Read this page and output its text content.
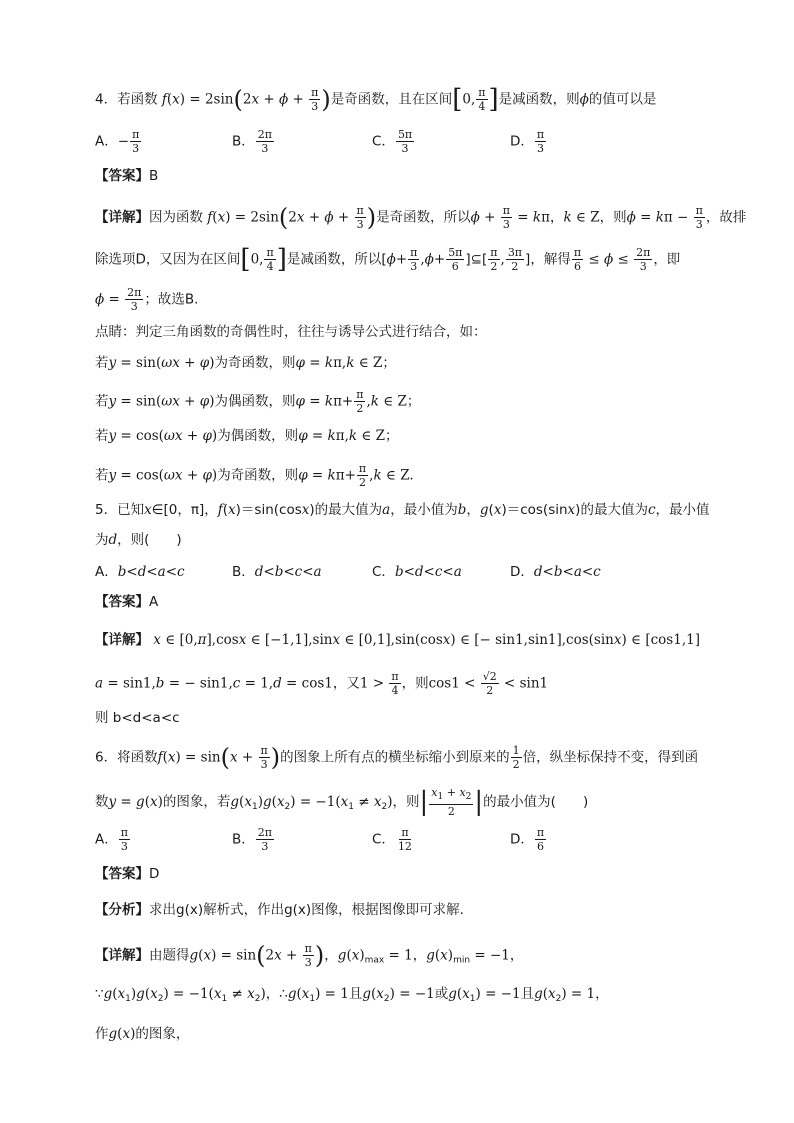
4．若函数 $f(x) = 2\sin(2x + \phi + \frac{\pi}{3}$ )是奇函数，且在区间[0, $\frac{\pi}{4}$ ]是减函数，则ϕ的值可以是
A．− $\frac{\pi}{3}$	B． $\frac{2\pi}{3}$	C． $\frac{5\pi}{3}$	D． $\frac{\pi}{3}$
【答案】B
【详解】因为函数 $f(x) = 2\sin(2x + \phi + \frac{\pi}{3}$ )是奇函数，所以$\phi + \frac{\pi}{3} = k\pi$，k ∈ Z，则$\phi = k\pi - \frac{\pi}{3}$ ，故排
除选项D，又因为在区间[0, $\frac{\pi}{4}$ ]是减函数，所以[$\phi+ \frac{\pi}{3} ,\phi+ \frac{5\pi}{6}$ ]⊆[ $\frac{\pi}{2}$ , $\frac{3\pi}{2}$ ]，解得 $\frac{\pi}{6} \le \phi \le \frac{2\pi}{3}$ ，即
$\phi = \frac{2\pi}{3}$ ；故选B.
点睛：判定三角函数的奇偶性时，往往与诱导公式进行结合，如：
若y = sin(ωx + φ)为奇函数，则φ = kπ,k ∈ Z；
若y = sin(ωx + φ)为偶函数，则$\varphi = k\pi+ \frac{\pi}{2} ,k$ ∈ Z；
若y = cos(ωx + φ)为偶函数，则φ = kπ,k ∈ Z；
若y = cos(ωx + φ)为奇函数，则$\varphi = k\pi+ \frac{\pi}{2} ,k$ ∈ Z.
5．已知x∈[0，π]，f(x)＝sin(cosx)的最大值为a，最小值为b，g(x)＝cos(sinx)的最大值为c，最小值
为d，则(　　)
A．b<d<a<c	B．d<b<c<a	C．b<d<c<a	D．d<b<a<c
【答案】A
【详解】 x ∈ [0,π],cosx ∈ [−1,1],sinx ∈ [0,1],sin(cosx) ∈ [− sin1,sin1],cos(sinx) ∈ [cos1,1]
a = sin1,b = − sin1,c = 1,d = cos1，又$1 > \frac{\pi}{4}$ ，则$\cos 1 < \frac{√2}{2} < \sin 1$
则 b<d<a<c
6．将函数$f(x) = \sin(x + \frac{\pi}{3}$ )的图象上所有点的横坐标缩小到原来的 $\frac{1}{2}$ 倍，纵坐标保持不变，得到函
数y = g(x)的图象，若$g(x_1)g(x_2) = -1(x_1 \ne x_2)$，则| $\frac{x_1 + x_2}{2}$ |的最小值为(　　)
A． $\frac{\pi}{3}$	B． $\frac{2\pi}{3}$	C． $\frac{\pi}{12}$	D． $\frac{\pi}{6}$
【答案】D
【分析】求出g(x)解析式，作出g(x)图像，根据图像即可求解.
【详解】由题得$g(x) = \sin(2x + \frac{\pi}{3}$ )，$g(x)_{max} = 1$，$g(x)_{min} = -1$，
$\because g(x_1)g(x_2) = -1(x_1 \ne x_2)$，$\therefore g(x_1) = 1$且$g(x_2) = -1$或$g(x_1) = -1$且$g(x_2) = 1$，
作g(x)的图象，
